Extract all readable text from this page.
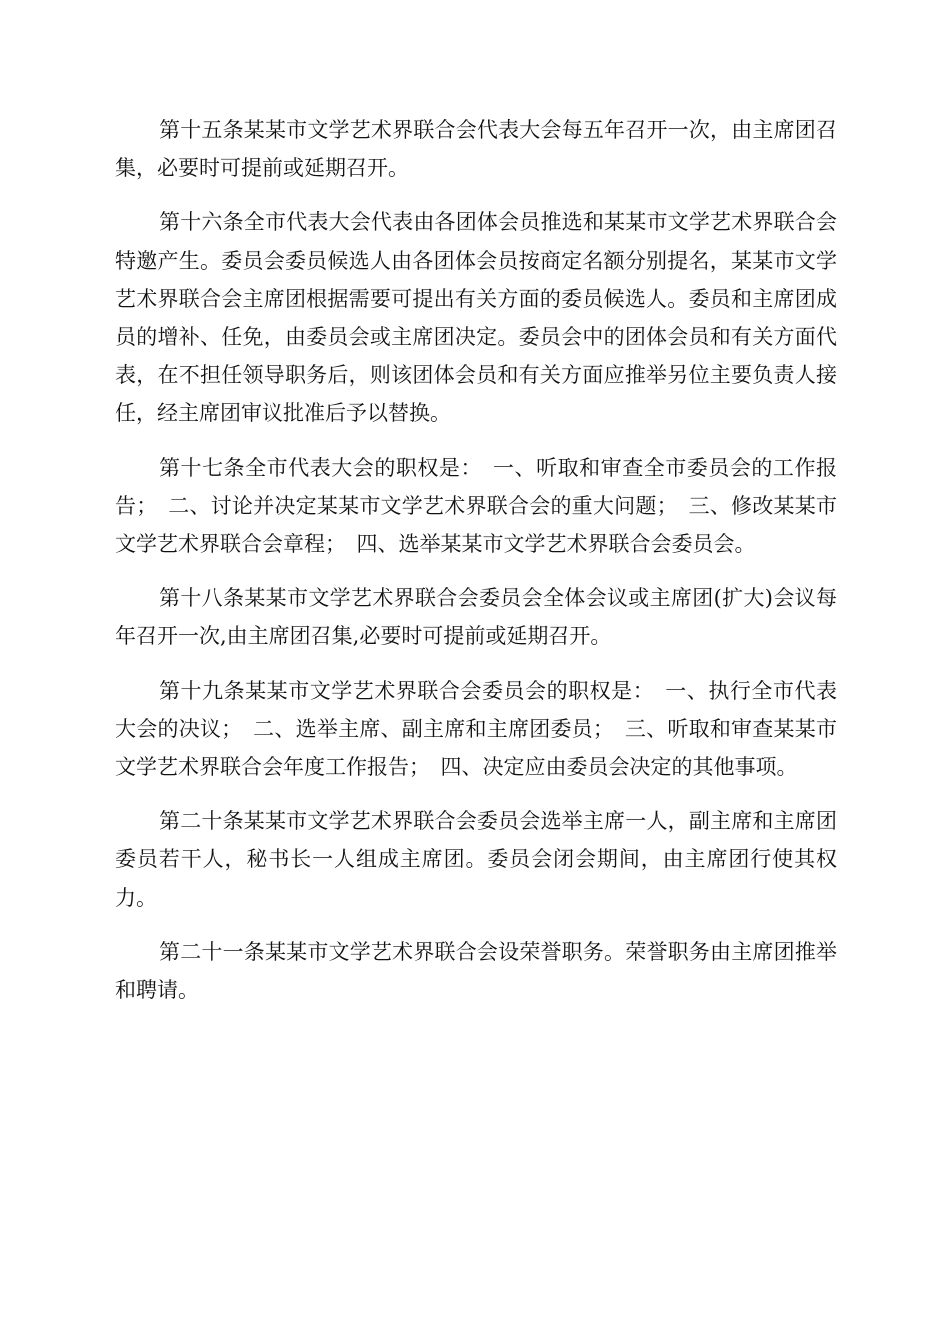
第十五条某某市文学艺术界联合会代表大会每五年召开一次，由主席团召集，必要时可提前或延期召开。

第十六条全市代表大会代表由各团体会员推选和某某市文学艺术界联合会特邀产生。委员会委员候选人由各团体会员按商定名额分别提名，某某市文学艺术界联合会主席团根据需要可提出有关方面的委员候选人。委员和主席团成员的增补、任免，由委员会或主席团决定。委员会中的团体会员和有关方面代表，在不担任领导职务后，则该团体会员和有关方面应推举另位主要负责人接任，经主席团审议批准后予以替换。

第十七条全市代表大会的职权是：　一、听取和审查全市委员会的工作报告；　二、讨论并决定某某市文学艺术界联合会的重大问题；　三、修改某某市文学艺术界联合会章程；　四、选举某某市文学艺术界联合会委员会。

第十八条某某市文学艺术界联合会委员会全体会议或主席团(扩大)会议每年召开一次,由主席团召集,必要时可提前或延期召开。

第十九条某某市文学艺术界联合会委员会的职权是：　一、执行全市代表大会的决议；　二、选举主席、副主席和主席团委员；　三、听取和审查某某市文学艺术界联合会年度工作报告；　四、决定应由委员会决定的其他事项。

第二十条某某市文学艺术界联合会委员会选举主席一人，副主席和主席团委员若干人，秘书长一人组成主席团。委员会闭会期间，由主席团行使其权力。

第二十一条某某市文学艺术界联合会设荣誉职务。荣誉职务由主席团推举和聘请。
